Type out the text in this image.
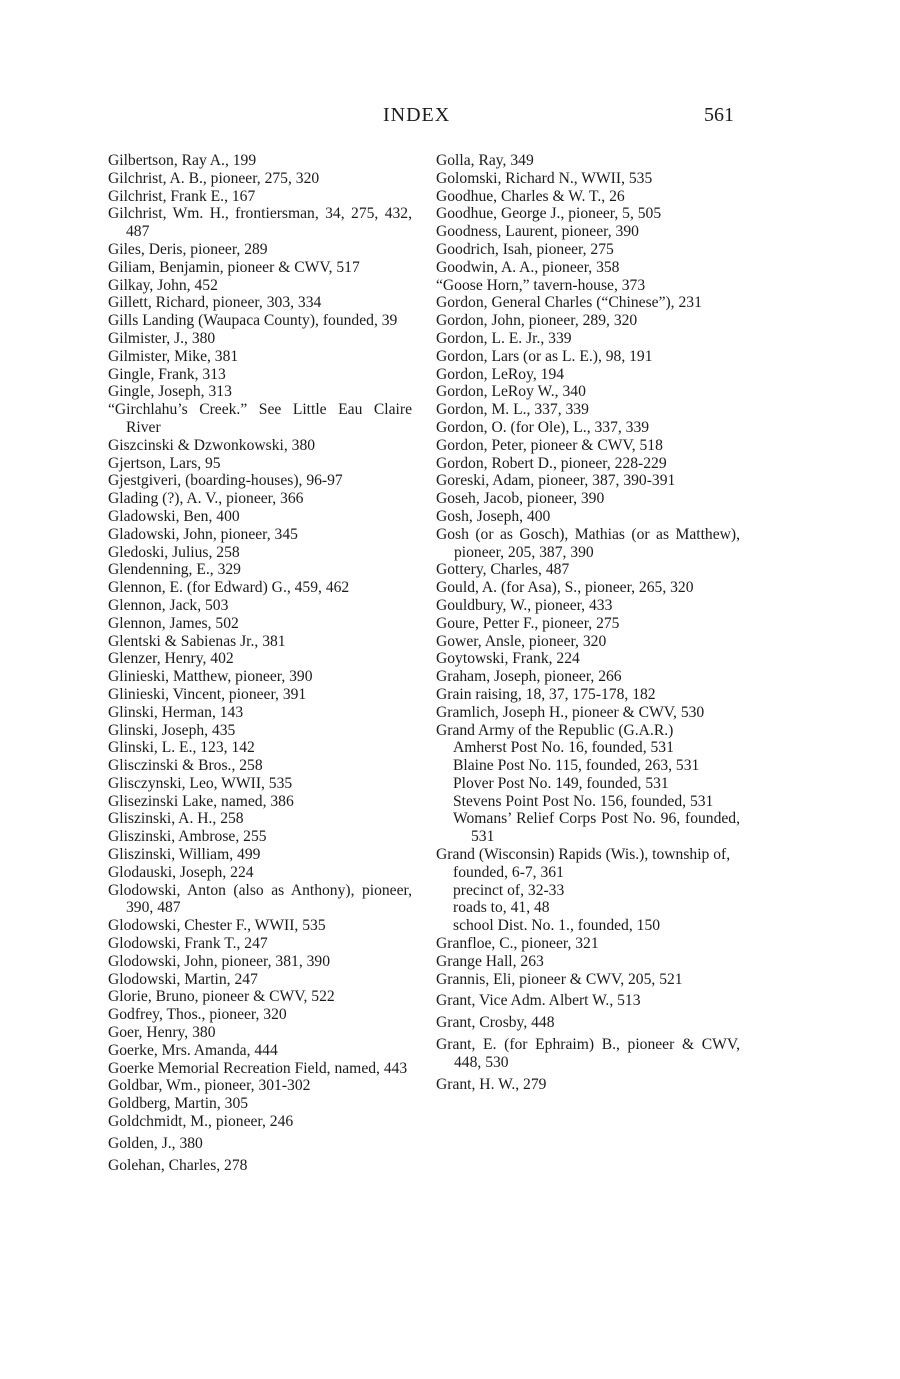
INDEX	561

Gilbertson, Ray A., 199

Gilchrist, A. B., pioneer, 275, 320

Gilchrist, Frank E., 167

Gilchrist, Wm. H., frontiersman, 34, 275, 432, 487

Giles, Deris, pioneer, 289

Giliam, Benjamin, pioneer & CWV, 517

Gilkay, John, 452

Gillett, Richard, pioneer, 303, 334

Gills Landing (Waupaca County), founded, 39

Gilmister, J., 380

Gilmister, Mike, 381

Gingle, Frank, 313

Gingle, Joseph, 313

“Girchlahu’s Creek.” See Little Eau Claire River

Giszcinski & Dzwonkowski, 380

Gjertson, Lars, 95

Gjestgiveri, (boarding-houses), 96-97

Glading (?), A. V., pioneer, 366

Gladowski, Ben, 400

Gladowski, John, pioneer, 345

Gledoski, Julius, 258

Glendenning, E., 329

Glennon, E. (for Edward) G., 459, 462

Glennon, Jack, 503

Glennon, James, 502

Glentski & Sabienas Jr., 381

Glenzer, Henry, 402

Glinieski, Matthew, pioneer, 390

Glinieski, Vincent, pioneer, 391

Glinski, Herman, 143

Glinski, Joseph, 435

Glinski, L. E., 123, 142

Glisczinski & Bros., 258

Glisczynski, Leo, WWII, 535

Glisezinski Lake, named, 386

Gliszinski, A. H., 258

Gliszinski, Ambrose, 255

Gliszinski, William, 499

Glodauski, Joseph, 224

Glodowski, Anton (also as Anthony), pioneer, 390, 487

Glodowski, Chester F., WWII, 535

Glodowski, Frank T., 247

Glodowski, John, pioneer, 381, 390

Glodowski, Martin, 247

Glorie, Bruno, pioneer & CWV, 522

Godfrey, Thos., pioneer, 320

Goer, Henry, 380

Goerke, Mrs. Amanda, 444

Goerke Memorial Recreation Field, named, 443

Goldbar, Wm., pioneer, 301-302

Goldberg, Martin, 305

Goldchmidt, M., pioneer, 246

Golden, J., 380

Golehan, Charles, 278

Golla, Ray, 349

Golomski, Richard N., WWII, 535

Goodhue, Charles & W. T., 26

Goodhue, George J., pioneer, 5, 505

Goodness, Laurent, pioneer, 390

Goodrich, Isah, pioneer, 275

Goodwin, A. A., pioneer, 358

“Goose Horn,” tavern-house, 373

Gordon, General Charles (“Chinese”), 231

Gordon, John, pioneer, 289, 320

Gordon, L. E. Jr., 339

Gordon, Lars (or as L. E.), 98, 191

Gordon, LeRoy, 194

Gordon, LeRoy W., 340

Gordon, M. L., 337, 339

Gordon, O. (for Ole), L., 337, 339

Gordon, Peter, pioneer & CWV, 518

Gordon, Robert D., pioneer, 228-229

Goreski, Adam, pioneer, 387, 390-391

Goseh, Jacob, pioneer, 390

Gosh, Joseph, 400

Gosh (or as Gosch), Mathias (or as Matthew), pioneer, 205, 387, 390

Gottery, Charles, 487

Gould, A. (for Asa), S., pioneer, 265, 320

Gouldbury, W., pioneer, 433

Goure, Petter F., pioneer, 275

Gower, Ansle, pioneer, 320

Goytowski, Frank, 224

Graham, Joseph, pioneer, 266

Grain raising, 18, 37, 175-178, 182

Gramlich, Joseph H., pioneer & CWV, 530

Grand Army of the Republic (G.A.R.)

Amherst Post No. 16, founded, 531

Blaine Post No. 115, founded, 263, 531

Plover Post No. 149, founded, 531

Stevens Point Post No. 156, founded, 531

Womans’ Relief Corps Post No. 96, founded, 531

Grand (Wisconsin) Rapids (Wis.), township of,

founded, 6-7, 361

precinct of, 32-33

roads to, 41, 48

school Dist. No. 1., founded, 150

Granfloe, C., pioneer, 321

Grange Hall, 263

Grannis, Eli, pioneer & CWV, 205, 521

Grant, Vice Adm. Albert W., 513

Grant, Crosby, 448

Grant, E. (for Ephraim) B., pioneer & CWV, 448, 530

Grant, H. W., 279
